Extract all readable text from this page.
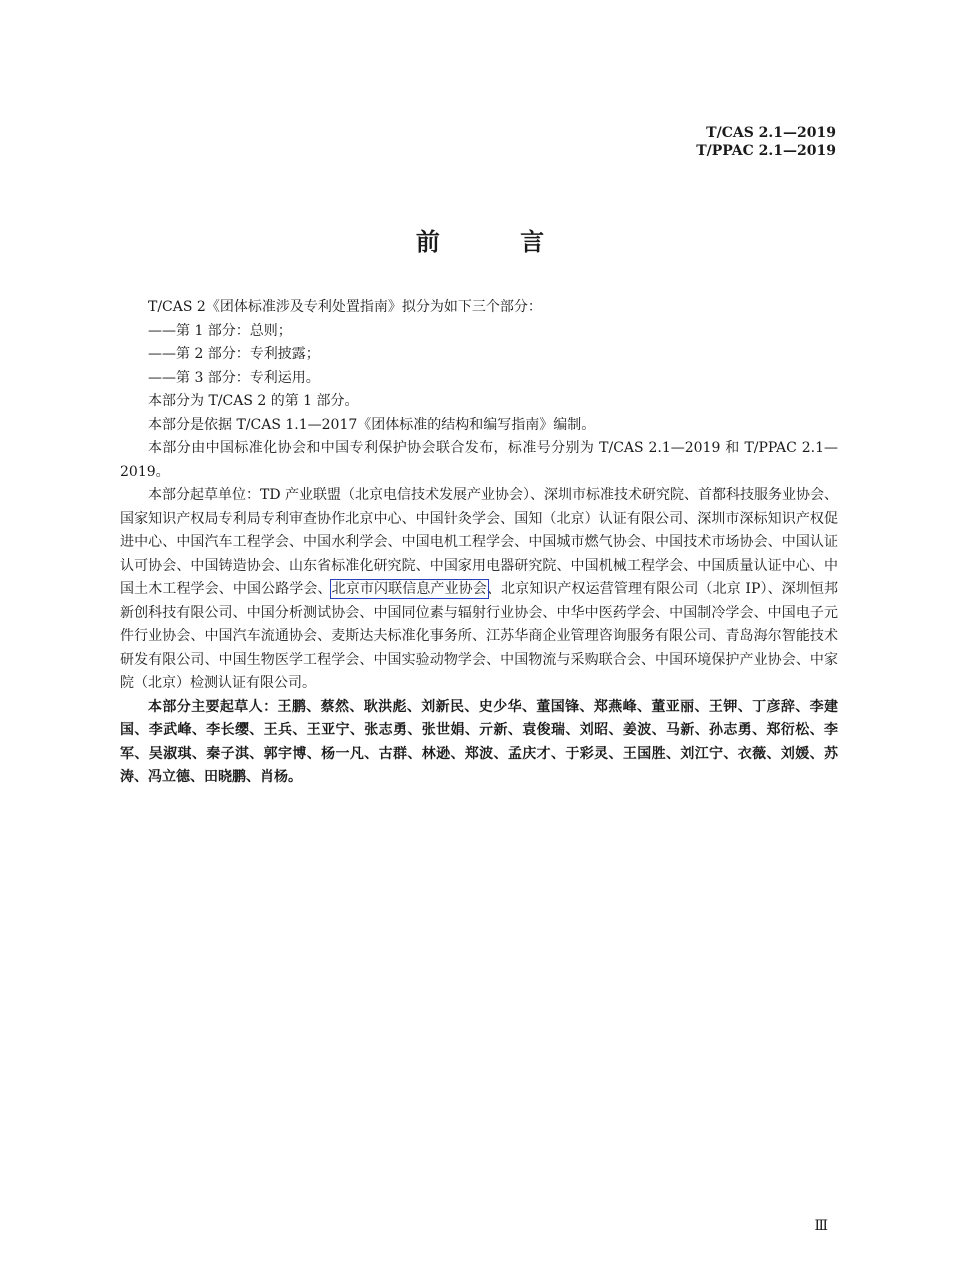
T/CAS 2.1—2019
T/PPAC 2.1—2019
前 言

T/CAS 2《团体标准涉及专利处置指南》拟分为如下三个部分：

——第 1 部分：总则；

——第 2 部分：专利披露；

——第 3 部分：专利运用。

本部分为 T/CAS 2 的第 1 部分。

本部分是依据 T/CAS 1.1—2017《团体标准的结构和编写指南》编制。

本部分由中国标准化协会和中国专利保护协会联合发布，标准号分别为 T/CAS 2.1—2019 和 T/PPAC 2.1—2019。

本部分起草单位：TD 产业联盟（北京电信技术发展产业协会）、深圳市标准技术研究院、首都科技服务业协会、国家知识产权局专利局专利审查协作北京中心、中国针灸学会、国知（北京）认证有限公司、深圳市深标知识产权促进中心、中国汽车工程学会、中国水利学会、中国电机工程学会、中国城市燃气协会、中国技术市场协会、中国认证认可协会、中国铸造协会、山东省标准化研究院、中国家用电器研究院、中国机械工程学会、中国质量认证中心、中国土木工程学会、中国公路学会、北京市闪联信息产业协会、北京知识产权运营管理有限公司（北京 IP）、深圳恒邦新创科技有限公司、中国分析测试协会、中国同位素与辐射行业协会、中华中医药学会、中国制冷学会、中国电子元件行业协会、中国汽车流通协会、麦斯达夫标准化事务所、江苏华商企业管理咨询服务有限公司、青岛海尔智能技术研发有限公司、中国生物医学工程学会、中国实验动物学会、中国物流与采购联合会、中国环境保护产业协会、中家院（北京）检测认证有限公司。

本部分主要起草人：王鹏、蔡然、耿洪彪、刘新民、史少华、董国锋、郑燕峰、董亚丽、王钾、丁彦辞、李建国、李武峰、李长缨、王兵、王亚宁、张志勇、张世娟、亓新、袁俊瑞、刘昭、姜波、马新、孙志勇、郑衍松、李军、吴淑琪、秦子淇、郭宇博、杨一凡、古群、林逊、郑波、孟庆才、于彩灵、王国胜、刘江宁、衣薇、刘媛、苏涛、冯立德、田晓鹏、肖杨。

Ⅲ
